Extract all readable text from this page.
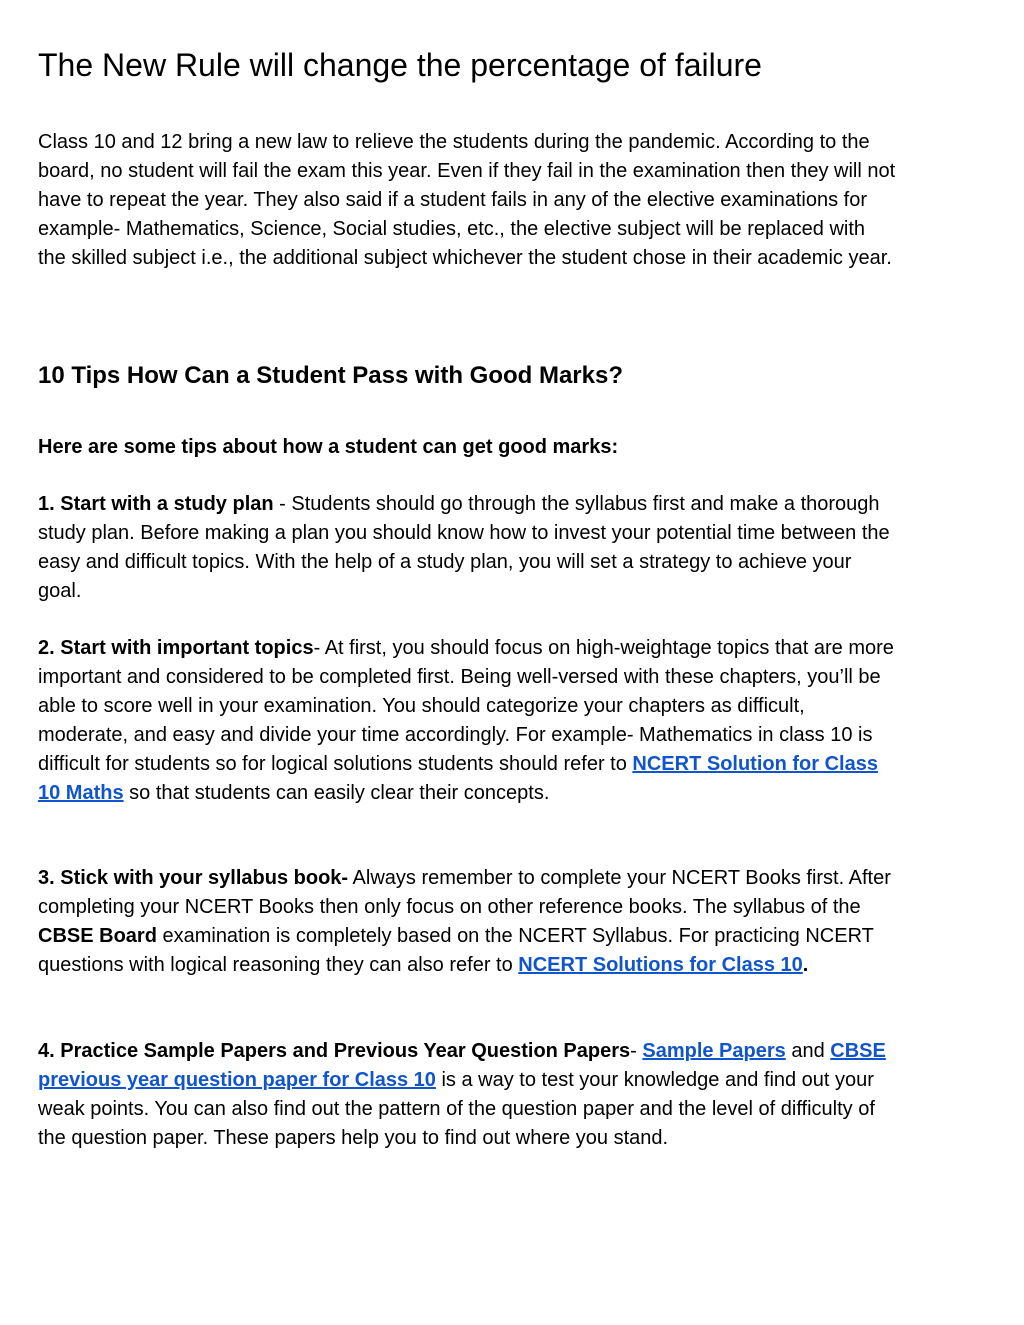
The New Rule will change the percentage of failure

Class 10 and 12 bring a new law to relieve the students during the pandemic. According to the board, no student will fail the exam this year. Even if they fail in the examination then they will not have to repeat the year. They also said if a student fails in any of the elective examinations for example- Mathematics, Science, Social studies, etc., the elective subject will be replaced with the skilled subject i.e., the additional subject whichever the student chose in their academic year.

10 Tips How Can a Student Pass with Good Marks?

Here are some tips about how a student can get good marks:

1. Start with a study plan - Students should go through the syllabus first and make a thorough study plan. Before making a plan you should know how to invest your potential time between the easy and difficult topics. With the help of a study plan, you will set a strategy to achieve your goal.

2. Start with important topics- At first, you should focus on high-weightage topics that are more important and considered to be completed first. Being well-versed with these chapters, you’ll be able to score well in your examination. You should categorize your chapters as difficult, moderate, and easy and divide your time accordingly. For example- Mathematics in class 10 is difficult for students so for logical solutions students should refer to NCERT Solution for Class 10 Maths so that students can easily clear their concepts.

3. Stick with your syllabus book- Always remember to complete your NCERT Books first. After completing your NCERT Books then only focus on other reference books. The syllabus of the CBSE Board examination is completely based on the NCERT Syllabus. For practicing NCERT questions with logical reasoning they can also refer to NCERT Solutions for Class 10.

4. Practice Sample Papers and Previous Year Question Papers- Sample Papers and CBSE previous year question paper for Class 10 is a way to test your knowledge and find out your weak points. You can also find out the pattern of the question paper and the level of difficulty of the question paper. These papers help you to find out where you stand.
